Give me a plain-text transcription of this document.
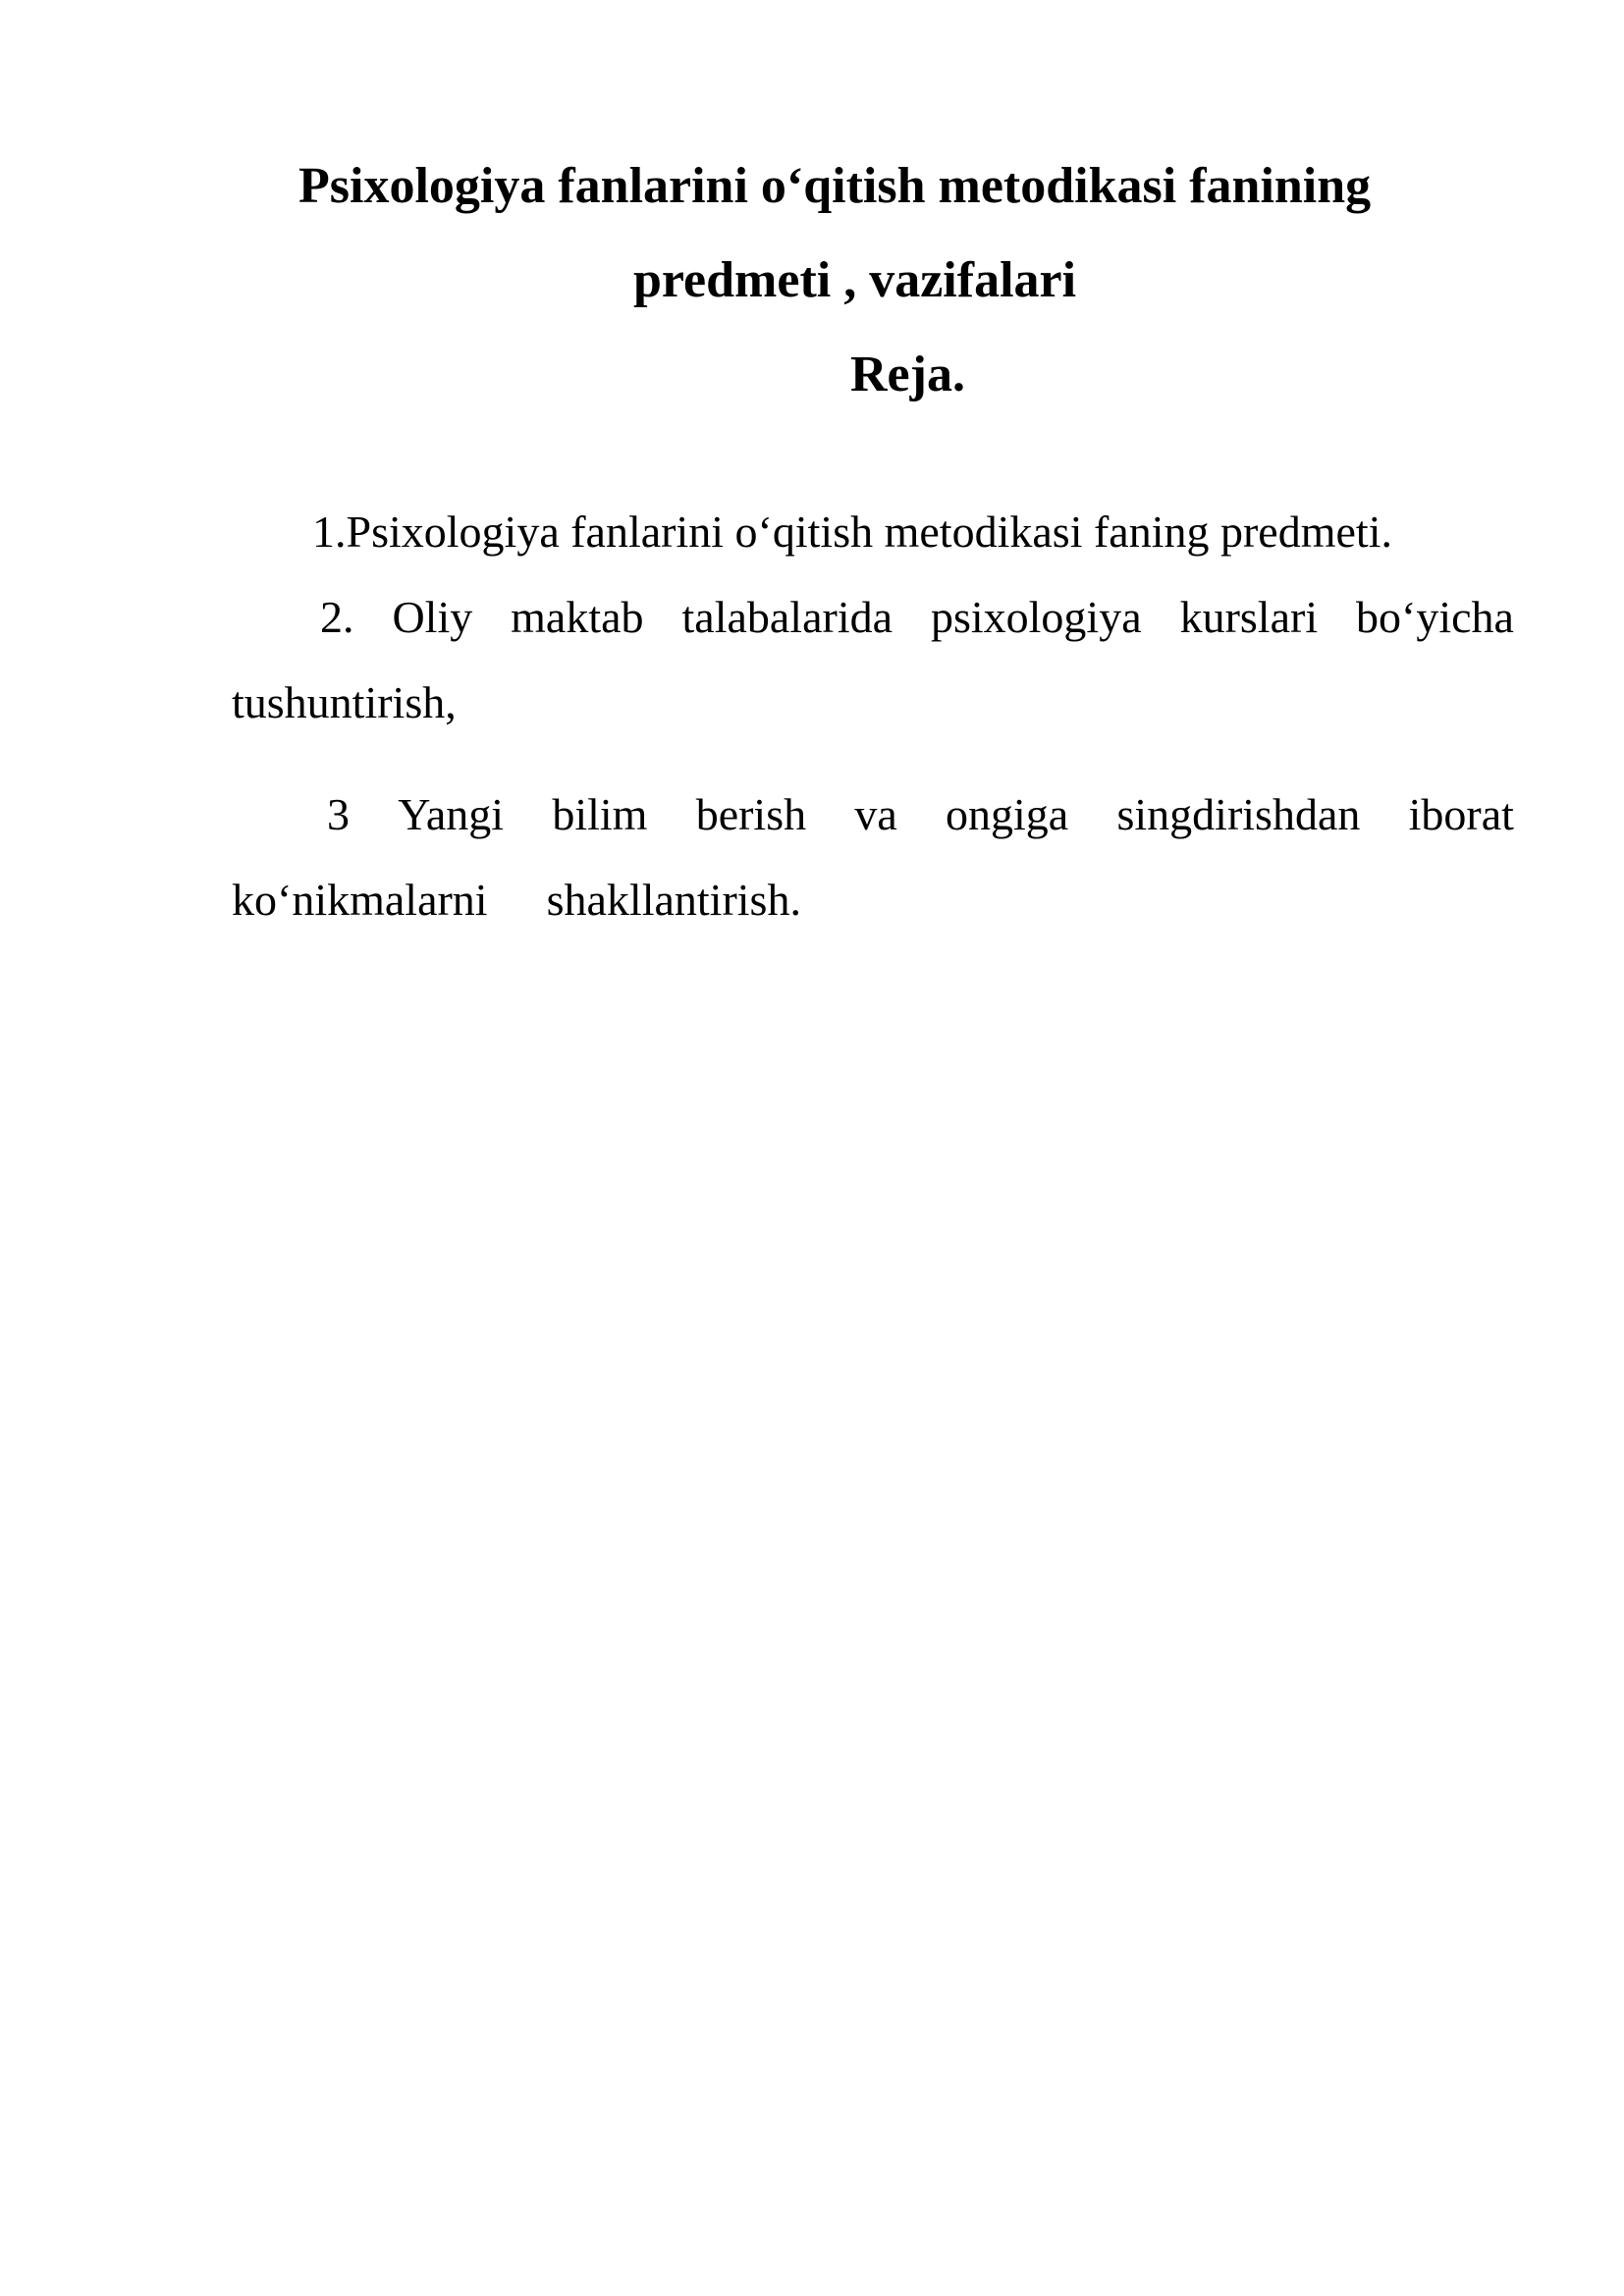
Psixologiya fanlarini o‘qitish metodikasi fanining
predmeti , vazifalari
Reja.
1.Psixologiya fanlarini o‘qitish metodikasi faning predmeti.
2. Oliy maktab talabalarida psixologiya kurslari bo‘yicha
tushuntirish,
3 Yangi bilim berish va ongiga singdirishdan iborat
ko‘nikmalarni shakllantirish.
